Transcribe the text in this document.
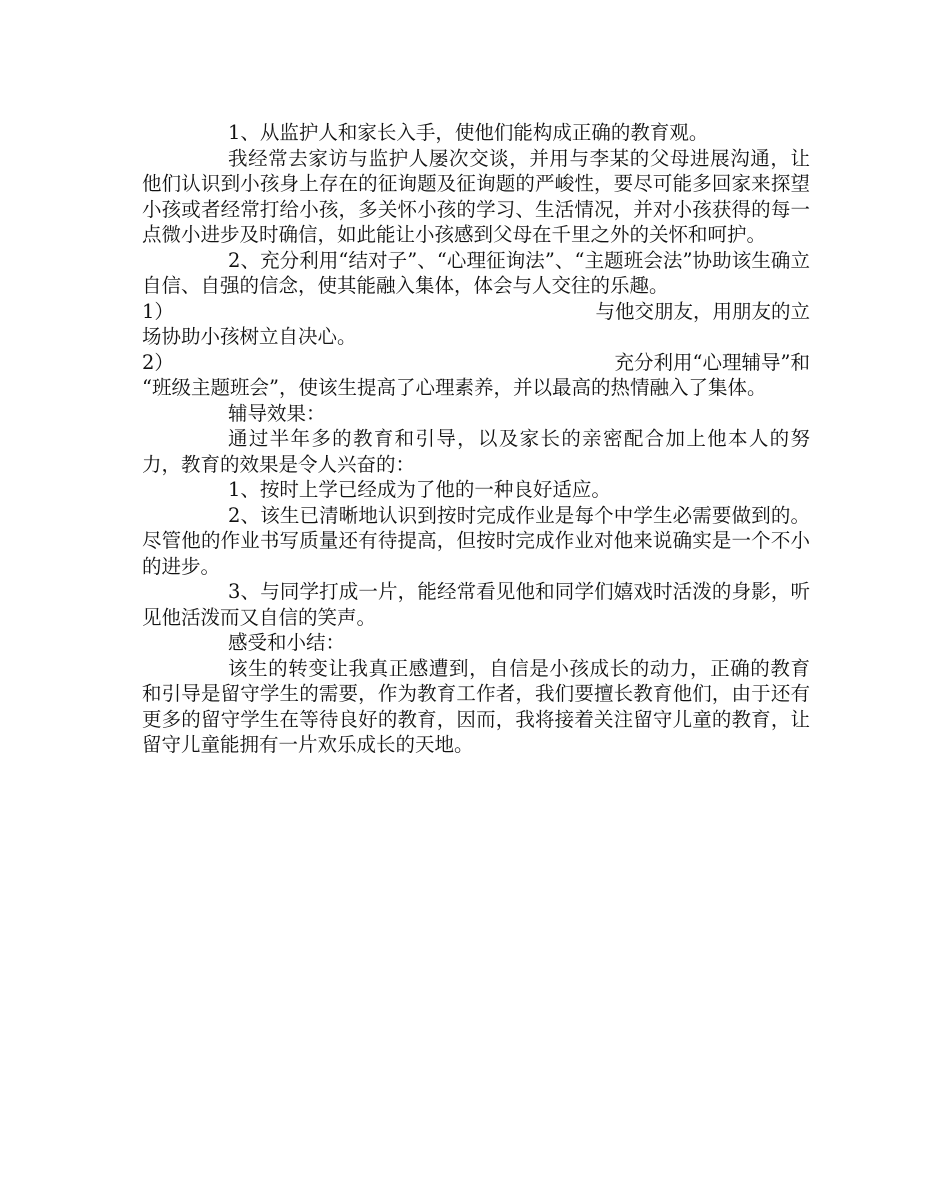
1、从监护人和家长入手，使他们能构成正确的教育观。

我经常去家访与监护人屡次交谈，并用与李某的父母进展沟通，让他们认识到小孩身上存在的征询题及征询题的严峻性，要尽可能多回家来探望小孩或者经常打给小孩，多关怀小孩的学习、生活情况，并对小孩获得的每一点微小进步及时确信，如此能让小孩感到父母在千里之外的关怀和呵护。

2、充分利用“结对子”、“心理征询法”、“主题班会法”协助该生确立自信、自强的信念，使其能融入集体，体会与人交往的乐趣。

1）	与他交朋友，用朋友的立

场协助小孩树立自决心。

2）	充分利用“心理辅导”和

“班级主题班会”，使该生提高了心理素养，并以最高的热情融入了集体。

辅导效果：

通过半年多的教育和引导，以及家长的亲密配合加上他本人的努力，教育的效果是令人兴奋的：

1、按时上学已经成为了他的一种良好适应。

2、该生已清晰地认识到按时完成作业是每个中学生必需要做到的。尽管他的作业书写质量还有待提高，但按时完成作业对他来说确实是一个不小的进步。

3、与同学打成一片，能经常看见他和同学们嬉戏时活泼的身影，听见他活泼而又自信的笑声。

感受和小结：

该生的转变让我真正感遭到，自信是小孩成长的动力，正确的教育和引导是留守学生的需要，作为教育工作者，我们要擅长教育他们，由于还有更多的留守学生在等待良好的教育，因而，我将接着关注留守儿童的教育，让留守儿童能拥有一片欢乐成长的天地。
